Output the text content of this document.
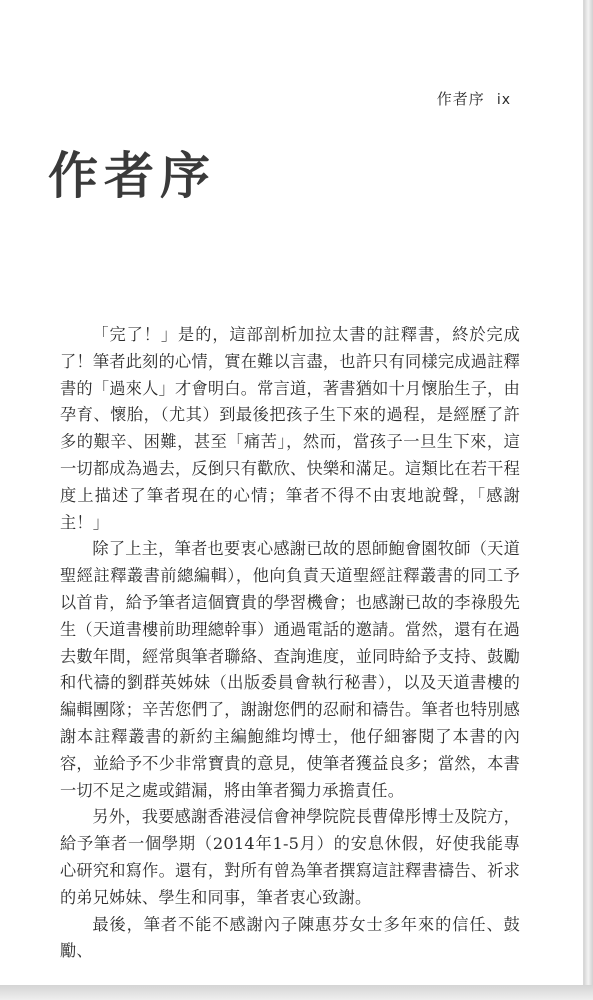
作者序 ix
作者序

「完了！」是的，這部剖析加拉太書的註釋書，終於完成了！筆者此刻的心情，實在難以言盡，也許只有同樣完成過註釋書的「過來人」才會明白。常言道，著書猶如十月懷胎生子，由孕育、懷胎，（尤其）到最後把孩子生下來的過程，是經歷了許多的艱辛、困難，甚至「痛苦」，然而，當孩子一旦生下來，這一切都成為過去，反倒只有歡欣、快樂和滿足。這類比在若干程度上描述了筆者現在的心情；筆者不得不由衷地說聲，「感謝主！」

除了上主，筆者也要衷心感謝已故的恩師鮑會園牧師（天道聖經註釋叢書前總編輯），他向負責天道聖經註釋叢書的同工予以首肯，給予筆者這個寶貴的學習機會；也感謝已故的李祿殷先生（天道書樓前助理總幹事）通過電話的邀請。當然，還有在過去數年間，經常與筆者聯絡、查詢進度，並同時給予支持、鼓勵和代禱的劉群英姊妹（出版委員會執行秘書），以及天道書樓的編輯團隊；辛苦您們了，謝謝您們的忍耐和禱告。筆者也特別感謝本註釋叢書的新約主編鮑維均博士，他仔細審閱了本書的內容，並給予不少非常寶貴的意見，使筆者獲益良多；當然，本書一切不足之處或錯漏，將由筆者獨力承擔責任。

另外，我要感謝香港浸信會神學院院長曹偉彤博士及院方，給予筆者一個學期（2014年1-5月）的安息休假，好使我能專心研究和寫作。還有，對所有曾為筆者撰寫這註釋書禱告、祈求的弟兄姊妹、學生和同事，筆者衷心致謝。

最後，筆者不能不感謝內子陳惠芬女士多年來的信任、鼓勵、
